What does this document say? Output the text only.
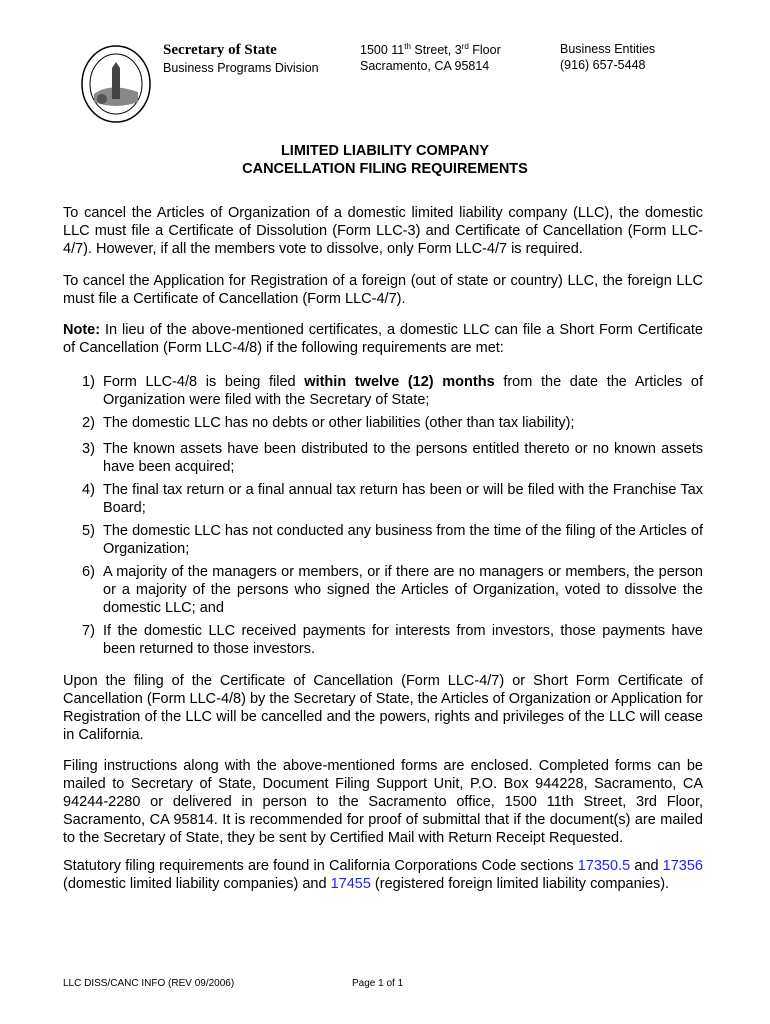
Secretary of State
Business Programs Division
1500 11th Street, 3rd Floor
Sacramento, CA 95814
Business Entities
(916) 657-5448
LIMITED LIABILITY COMPANY
CANCELLATION FILING REQUIREMENTS
To cancel the Articles of Organization of a domestic limited liability company (LLC), the domestic LLC must file a Certificate of Dissolution (Form LLC-3) and Certificate of Cancellation (Form LLC-4/7). However, if all the members vote to dissolve, only Form LLC-4/7 is required.
To cancel the Application for Registration of a foreign (out of state or country) LLC, the foreign LLC must file a Certificate of Cancellation (Form LLC-4/7).
Note: In lieu of the above-mentioned certificates, a domestic LLC can file a Short Form Certificate of Cancellation (Form LLC-4/8) if the following requirements are met:
1) Form LLC-4/8 is being filed within twelve (12) months from the date the Articles of Organization were filed with the Secretary of State;
2) The domestic LLC has no debts or other liabilities (other than tax liability);
3) The known assets have been distributed to the persons entitled thereto or no known assets have been acquired;
4) The final tax return or a final annual tax return has been or will be filed with the Franchise Tax Board;
5) The domestic LLC has not conducted any business from the time of the filing of the Articles of Organization;
6) A majority of the managers or members, or if there are no managers or members, the person or a majority of the persons who signed the Articles of Organization, voted to dissolve the domestic LLC; and
7) If the domestic LLC received payments for interests from investors, those payments have been returned to those investors.
Upon the filing of the Certificate of Cancellation (Form LLC-4/7) or Short Form Certificate of Cancellation (Form LLC-4/8) by the Secretary of State, the Articles of Organization or Application for Registration of the LLC will be cancelled and the powers, rights and privileges of the LLC will cease in California.
Filing instructions along with the above-mentioned forms are enclosed. Completed forms can be mailed to Secretary of State, Document Filing Support Unit, P.O. Box 944228, Sacramento, CA 94244-2280 or delivered in person to the Sacramento office, 1500 11th Street, 3rd Floor, Sacramento, CA 95814. It is recommended for proof of submittal that if the document(s) are mailed to the Secretary of State, they be sent by Certified Mail with Return Receipt Requested.
Statutory filing requirements are found in California Corporations Code sections 17350.5 and 17356 (domestic limited liability companies) and 17455 (registered foreign limited liability companies).
LLC DISS/CANC INFO (REV 09/2006)	Page 1 of 1
